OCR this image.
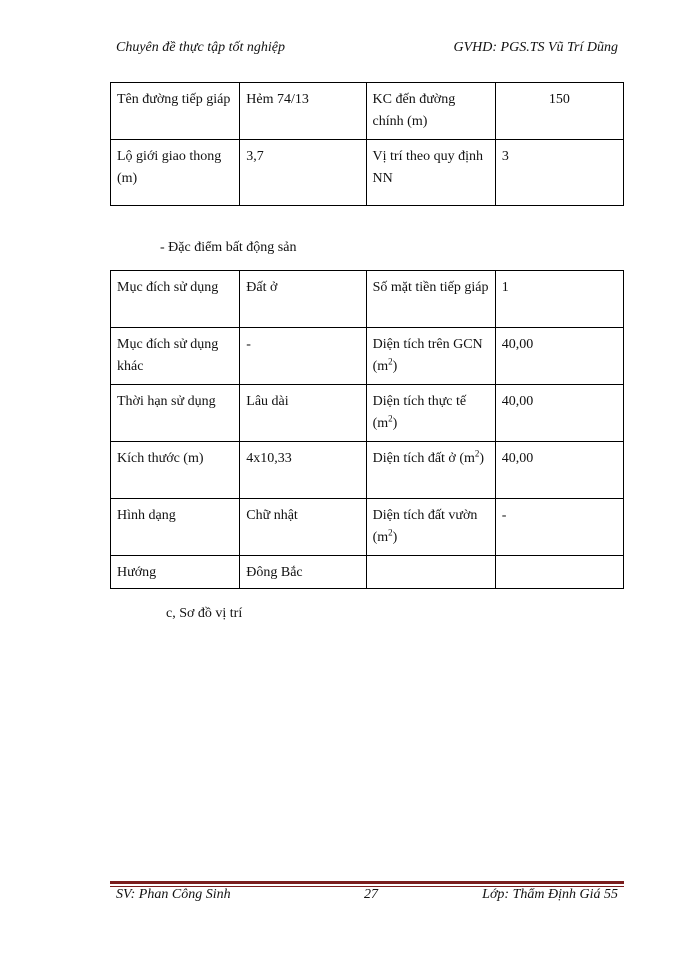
Chuyên đề thực tập tốt nghiệp	GVHD: PGS.TS Vũ Trí Dũng
Tên đường tiếp giáp	Hẻm 74/13	KC đến đường chính (m)	150
Lộ giới giao thong (m)	3,7	Vị trí theo quy định NN	3
- Đặc điểm bất động sản
Mục đích sử dụng	Đất ở	Số mặt tiền tiếp giáp	1
Mục đích sử dụng khác	-	Diện tích trên GCN $(m^2)$	40,00
Thời hạn sử dụng	Lâu dài	Diện tích thực tế $(m^2)$	40,00
Kích thước (m)	4x10,33	Diện tích đất ở $(m^2)$	40,00
Hình dạng	Chữ nhật	Diện tích đất vườn $(m^2)$	-
Hướng	Đông Bắc		
c, Sơ đồ vị trí
SV: Phan Công Sinh	27	Lớp: Thẩm Định Giá 55
